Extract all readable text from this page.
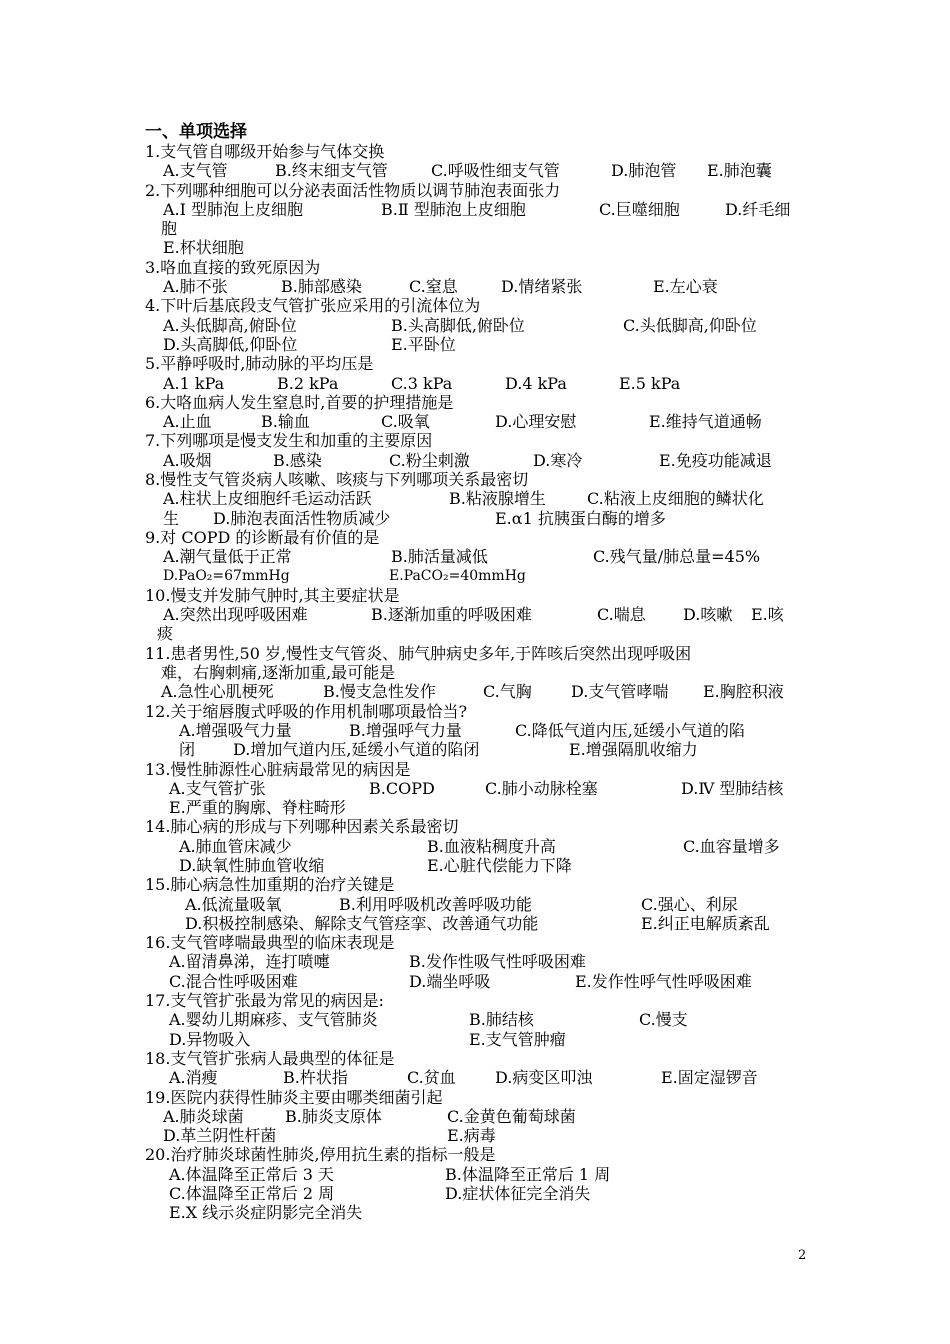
一、单项选择
1.支气管自哪级开始参与气体交换
A.支气管	B.终末细支气管	C.呼吸性细支气管	D.肺泡管 E.肺泡囊
2.下列哪种细胞可以分泌表面活性物质以调节肺泡表面张力
A.Ⅰ 型肺泡上皮细胞	B.Ⅱ 型肺泡上皮细胞	C.巨噬细胞	D.纤毛细
胞
E.杯状细胞
3.咯血直接的致死原因为
A.肺不张	B.肺部感染	C.窒息	D.情绪紧张	E.左心衰
4.下叶后基底段支气管扩张应采用的引流体位为
A.头低脚高,俯卧位	B.头高脚低,俯卧位	C.头低脚高,仰卧位
D.头高脚低,仰卧位	E.平卧位
5.平静呼吸时,肺动脉的平均压是
A.1 kPa	B.2 kPa	C.3 kPa	D.4 kPa	E.5 kPa
6.大咯血病人发生窒息时,首要的护理措施是
A.止血	B.输血	C.吸氧	D.心理安慰	E.维持气道通畅
7.下列哪项是慢支发生和加重的主要原因
A.吸烟	B.感染	C.粉尘刺激	D.寒冷	E.免疫功能减退
8.慢性支气管炎病人咳嗽、咳痰与下列哪项关系最密切
A.柱状上皮细胞纤毛运动活跃	B.粘液腺增生	C.粘液上皮细胞的鳞状化
生 D.肺泡表面活性物质减少	E.α1 抗胰蛋白酶的增多
9.对 COPD 的诊断最有价值的是
A.潮气量低于正常	B.肺活量减低	C.残气量/肺总量=45%
D.PaO₂=67mmHg	E.PaCO₂=40mmHg
10.慢支并发肺气肿时,其主要症状是
A.突然出现呼吸困难	B.逐渐加重的呼吸困难	C.喘息 D.咳嗽 E.咳
痰
11.患者男性,50 岁,慢性支气管炎、肺气肿病史多年,于阵咳后突然出现呼吸困
难，右胸刺痛,逐渐加重,最可能是
A.急性心肌梗死	B.慢支急性发作	C.气胸 D.支气管哮喘 E.胸腔积液
12.关于缩唇腹式呼吸的作用机制哪项最恰当?
A.增强吸气力量	B.增强呼气力量	C.降低气道内压,延缓小气道的陷
闭 D.增加气道内压,延缓小气道的陷闭	E.增强隔肌收缩力
13.慢性肺源性心脏病最常见的病因是
A.支气管扩张	B.COPD	C.肺小动脉栓塞	D.Ⅳ 型肺结核
E.严重的胸廓、脊柱畸形
14.肺心病的形成与下列哪种因素关系最密切
A.肺血管床减少	B.血液粘稠度升高	C.血容量增多
D.缺氧性肺血管收缩	E.心脏代偿能力下降
15.肺心病急性加重期的治疗关键是
A.低流量吸氧	B.利用呼吸机改善呼吸功能	C.强心、利尿
D.积极控制感染、解除支气管痉挛、改善通气功能	E.纠正电解质紊乱
16.支气管哮喘最典型的临床表现是
A.留清鼻涕，连打喷嚏	B.发作性吸气性呼吸困难
C.混合性呼吸困难	D.端坐呼吸	E.发作性呼气性呼吸困难
17.支气管扩张最为常见的病因是:
A.婴幼儿期麻疹、支气管肺炎	B.肺结核	C.慢支
D.异物吸入	E.支气管肿瘤
18.支气管扩张病人最典型的体征是
A.消瘦	B.杵状指	C.贫血 D.病变区叩浊	E.固定湿锣音
19.医院内获得性肺炎主要由哪类细菌引起
A.肺炎球菌	B.肺炎支原体	C.金黄色葡萄球菌
D.革兰阴性杆菌	E.病毒
20.治疗肺炎球菌性肺炎,停用抗生素的指标一般是
A.体温降至正常后 3 天	B.体温降至正常后 1 周
C.体温降至正常后 2 周	D.症状体征完全消失
E.X 线示炎症阴影完全消失
2
